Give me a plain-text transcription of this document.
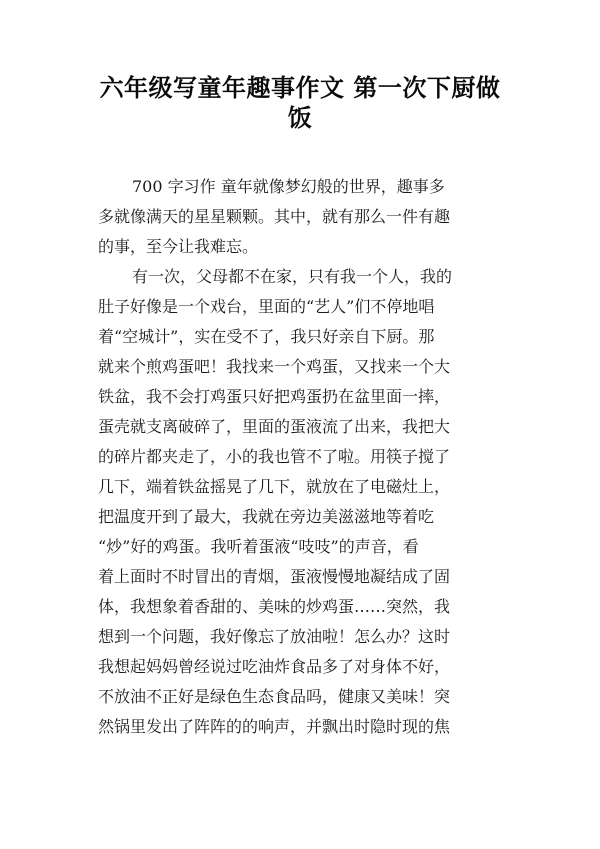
六年级写童年趣事作文 第一次下厨做
饭
700 字习作 童年就像梦幻般的世界，趣事多
多就像满天的星星颗颗。其中，就有那么一件有趣
的事，至今让我难忘。
有一次，父母都不在家，只有我一个人，我的
肚子好像是一个戏台，里面的“艺人”们不停地唱
着“空城计”，实在受不了，我只好亲自下厨。那
就来个煎鸡蛋吧！我找来一个鸡蛋，又找来一个大
铁盆，我不会打鸡蛋只好把鸡蛋扔在盆里面一摔，
蛋壳就支离破碎了，里面的蛋液流了出来，我把大
的碎片都夹走了，小的我也管不了啦。用筷子搅了
几下，端着铁盆摇晃了几下，就放在了电磁灶上，
把温度开到了最大，我就在旁边美滋滋地等着吃
“炒”好的鸡蛋。我听着蛋液“吱吱”的声音，看
着上面时不时冒出的青烟，蛋液慢慢地凝结成了固
体，我想象着香甜的、美味的炒鸡蛋……突然，我
想到一个问题，我好像忘了放油啦！怎么办？这时
我想起妈妈曾经说过吃油炸食品多了对身体不好，
不放油不正好是绿色生态食品吗，健康又美味！突
然锅里发出了阵阵的的响声，并飘出时隐时现的焦
